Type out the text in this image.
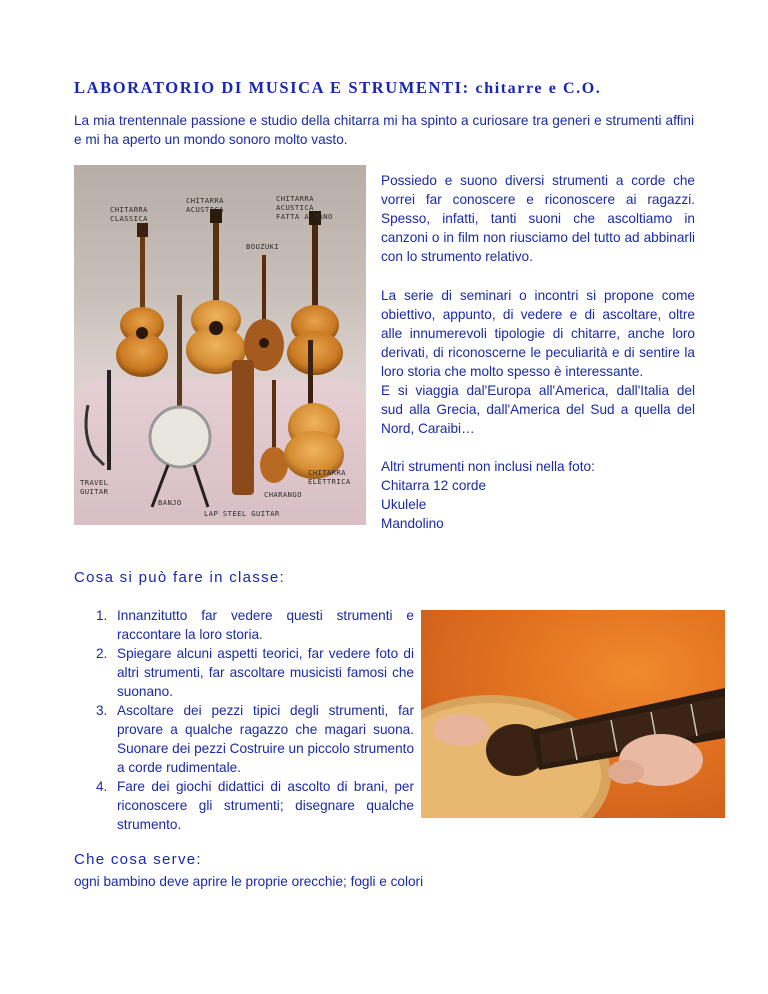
LABORATORIO DI MUSICA E STRUMENTI: chitarre e C.O.
La mia trentennale passione e studio della chitarra mi ha spinto a curiosare tra generi e strumenti affini e mi ha aperto un mondo sonoro molto vasto.
CHITARRA
CLASSICA
CHITARRA
ACUSTICA
CHITARRA
ACUSTICA
FATTA A MANO
BOUZUKI
TRAVEL
GUITAR
BANJO
LAP STEEL GUITAR
CHARANGO
CHITARRA
ELETTRICA
Possiedo e suono diversi strumenti a corde che vorrei far conoscere e riconoscere ai ragazzi. Spesso, infatti, tanti suoni che ascoltiamo in canzoni o in film non riusciamo del tutto ad abbinarli con lo strumento relativo.
La serie di seminari o incontri si propone come obiettivo, appunto, di vedere e di ascoltare, oltre alle innumerevoli tipologie di chitarre, anche loro derivati, di riconoscerne le peculiarità e di sentire la loro storia che molto spesso è interessante.
E si viaggia dal'Europa all'America, dall'Italia del sud alla Grecia, dall'America del Sud a quella del Nord, Caraibi…
Altri strumenti non inclusi nella foto:
Chitarra 12 corde
Ukulele
Mandolino
Cosa si può fare in classe:
1. Innanzitutto far vedere questi strumenti e raccontare la loro storia.
2. Spiegare alcuni aspetti teorici, far vedere foto di altri strumenti, far ascoltare musicisti famosi che suonano.
3. Ascoltare dei pezzi tipici degli strumenti, far provare a qualche ragazzo che magari suona. Suonare dei pezzi Costruire un piccolo strumento a corde rudimentale.
4. Fare dei giochi didattici di ascolto di brani, per riconoscere gli strumenti; disegnare qualche strumento.
Che cosa serve:
ogni bambino deve aprire le proprie orecchie; fogli e colori
